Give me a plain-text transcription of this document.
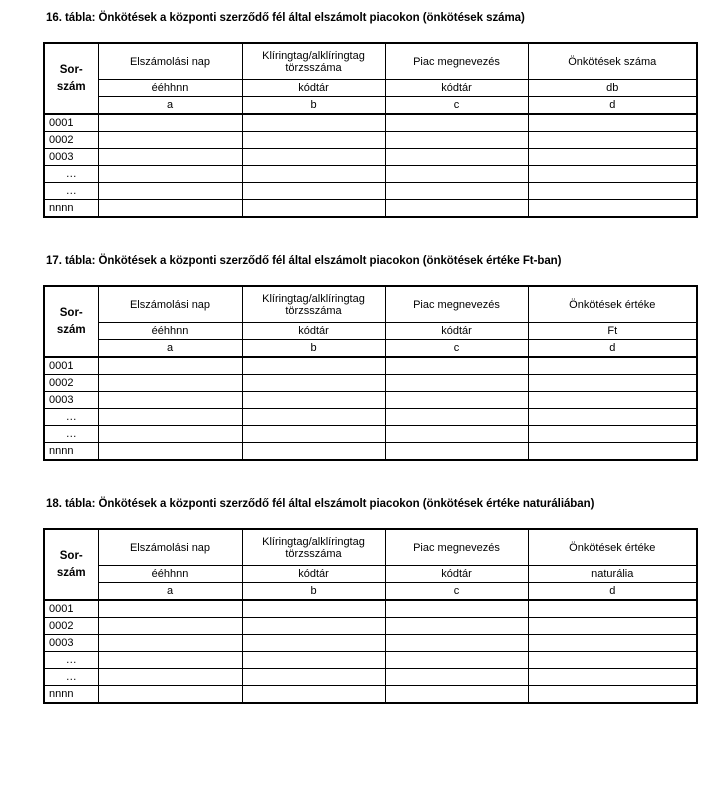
16. tábla: Önkötések a központi szerződő fél által elszámolt piacokon (önkötések száma)
Sor-
szám	Elszámolási nap	Klíringtag/alklíringtag törzsszáma	Piac megnevezés	Önkötések száma
	ééhhnn	kódtár	kódtár	db
	a	b	c	d
0001				
0002				
0003				
…				
…				
nnnn				
17. tábla: Önkötések a központi szerződő fél által elszámolt piacokon (önkötések értéke Ft-ban)
Sor-
szám	Elszámolási nap	Klíringtag/alklíringtag törzsszáma	Piac megnevezés	Önkötések értéke
	ééhhnn	kódtár	kódtár	Ft
	a	b	c	d
0001				
0002				
0003				
…				
…				
nnnn				
18. tábla: Önkötések a központi szerződő fél által elszámolt piacokon (önkötések értéke naturáliában)
Sor-
szám	Elszámolási nap	Klíringtag/alklíringtag törzsszáma	Piac megnevezés	Önkötések értéke
	ééhhnn	kódtár	kódtár	naturália
	a	b	c	d
0001				
0002				
0003				
…				
…				
nnnn				
